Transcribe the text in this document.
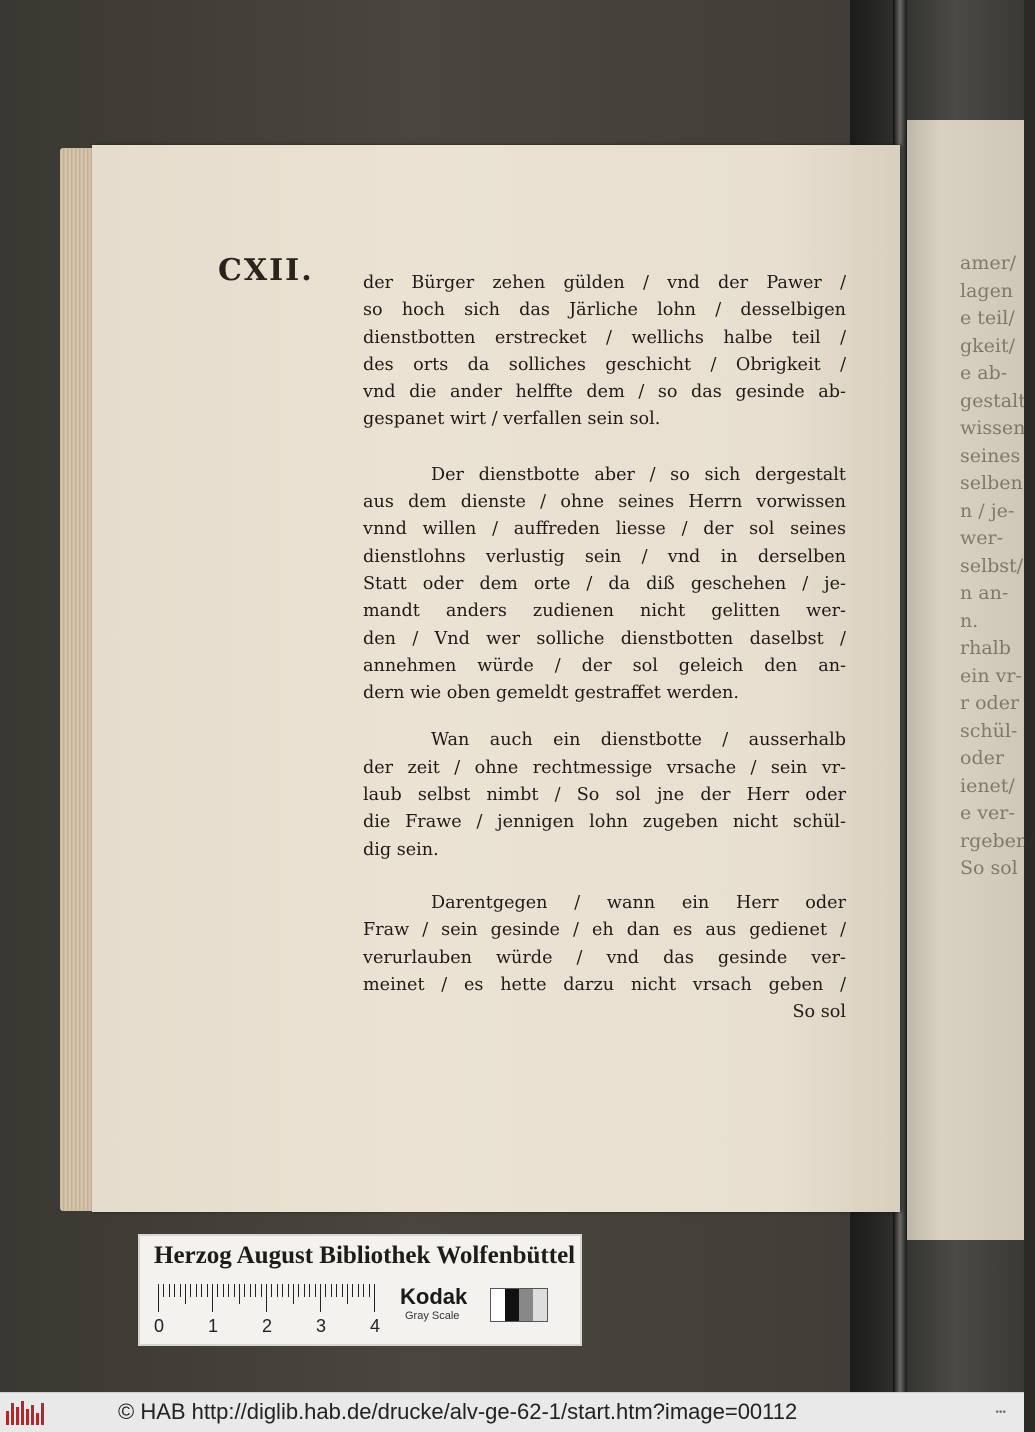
amer/
lagen
e teil/
gkeit/
e ab-
gestalt
wissen
seines
selben
n / je-
wer-
selbst/
n an-
n.
rhalb
ein vr-
r oder
schül-
oder
ienet/
e ver-
rgeben/
So sol
CXII.	der Bürger zehen gülden / vnd der Pawer /
so hoch sich das Järliche lohn / desselbigen
dienstbotten erstrecket / wellichs halbe teil /
des orts da solliches geschicht / Obrigkeit /
vnd die ander helffte dem / so das gesinde ab-
gespanet wirt / verfallen sein sol.
Der dienstbotte aber / so sich dergestalt
aus dem dienste / ohne seines Herrn vorwissen
vnnd willen / auffreden liesse / der sol seines
dienstlohns verlustig sein / vnd in derselben
Statt oder dem orte / da diß geschehen / je-
mandt anders zudienen nicht gelitten wer-
den / Vnd wer solliche dienstbotten daselbst /
annehmen würde / der sol geleich den an-
dern wie oben gemeldt gestraffet werden.
Wan auch ein dienstbotte / ausserhalb
der zeit / ohne rechtmessige vrsache / sein vr-
laub selbst nimbt / So sol jne der Herr oder
die Frawe / jennigen lohn zugeben nicht schül-
dig sein.
Darentgegen / wann ein Herr oder
Fraw / sein gesinde / eh dan es aus gedienet /
verurlauben würde / vnd das gesinde ver-
meinet / es hette darzu nicht vrsach geben /
So sol
Herzog August Bibliothek Wolfenbüttel
0 1 2 3 4
Kodak
Gray Scale
© HAB http://diglib.hab.de/drucke/alv-ge-62-1/start.htm?image=00112	•••
